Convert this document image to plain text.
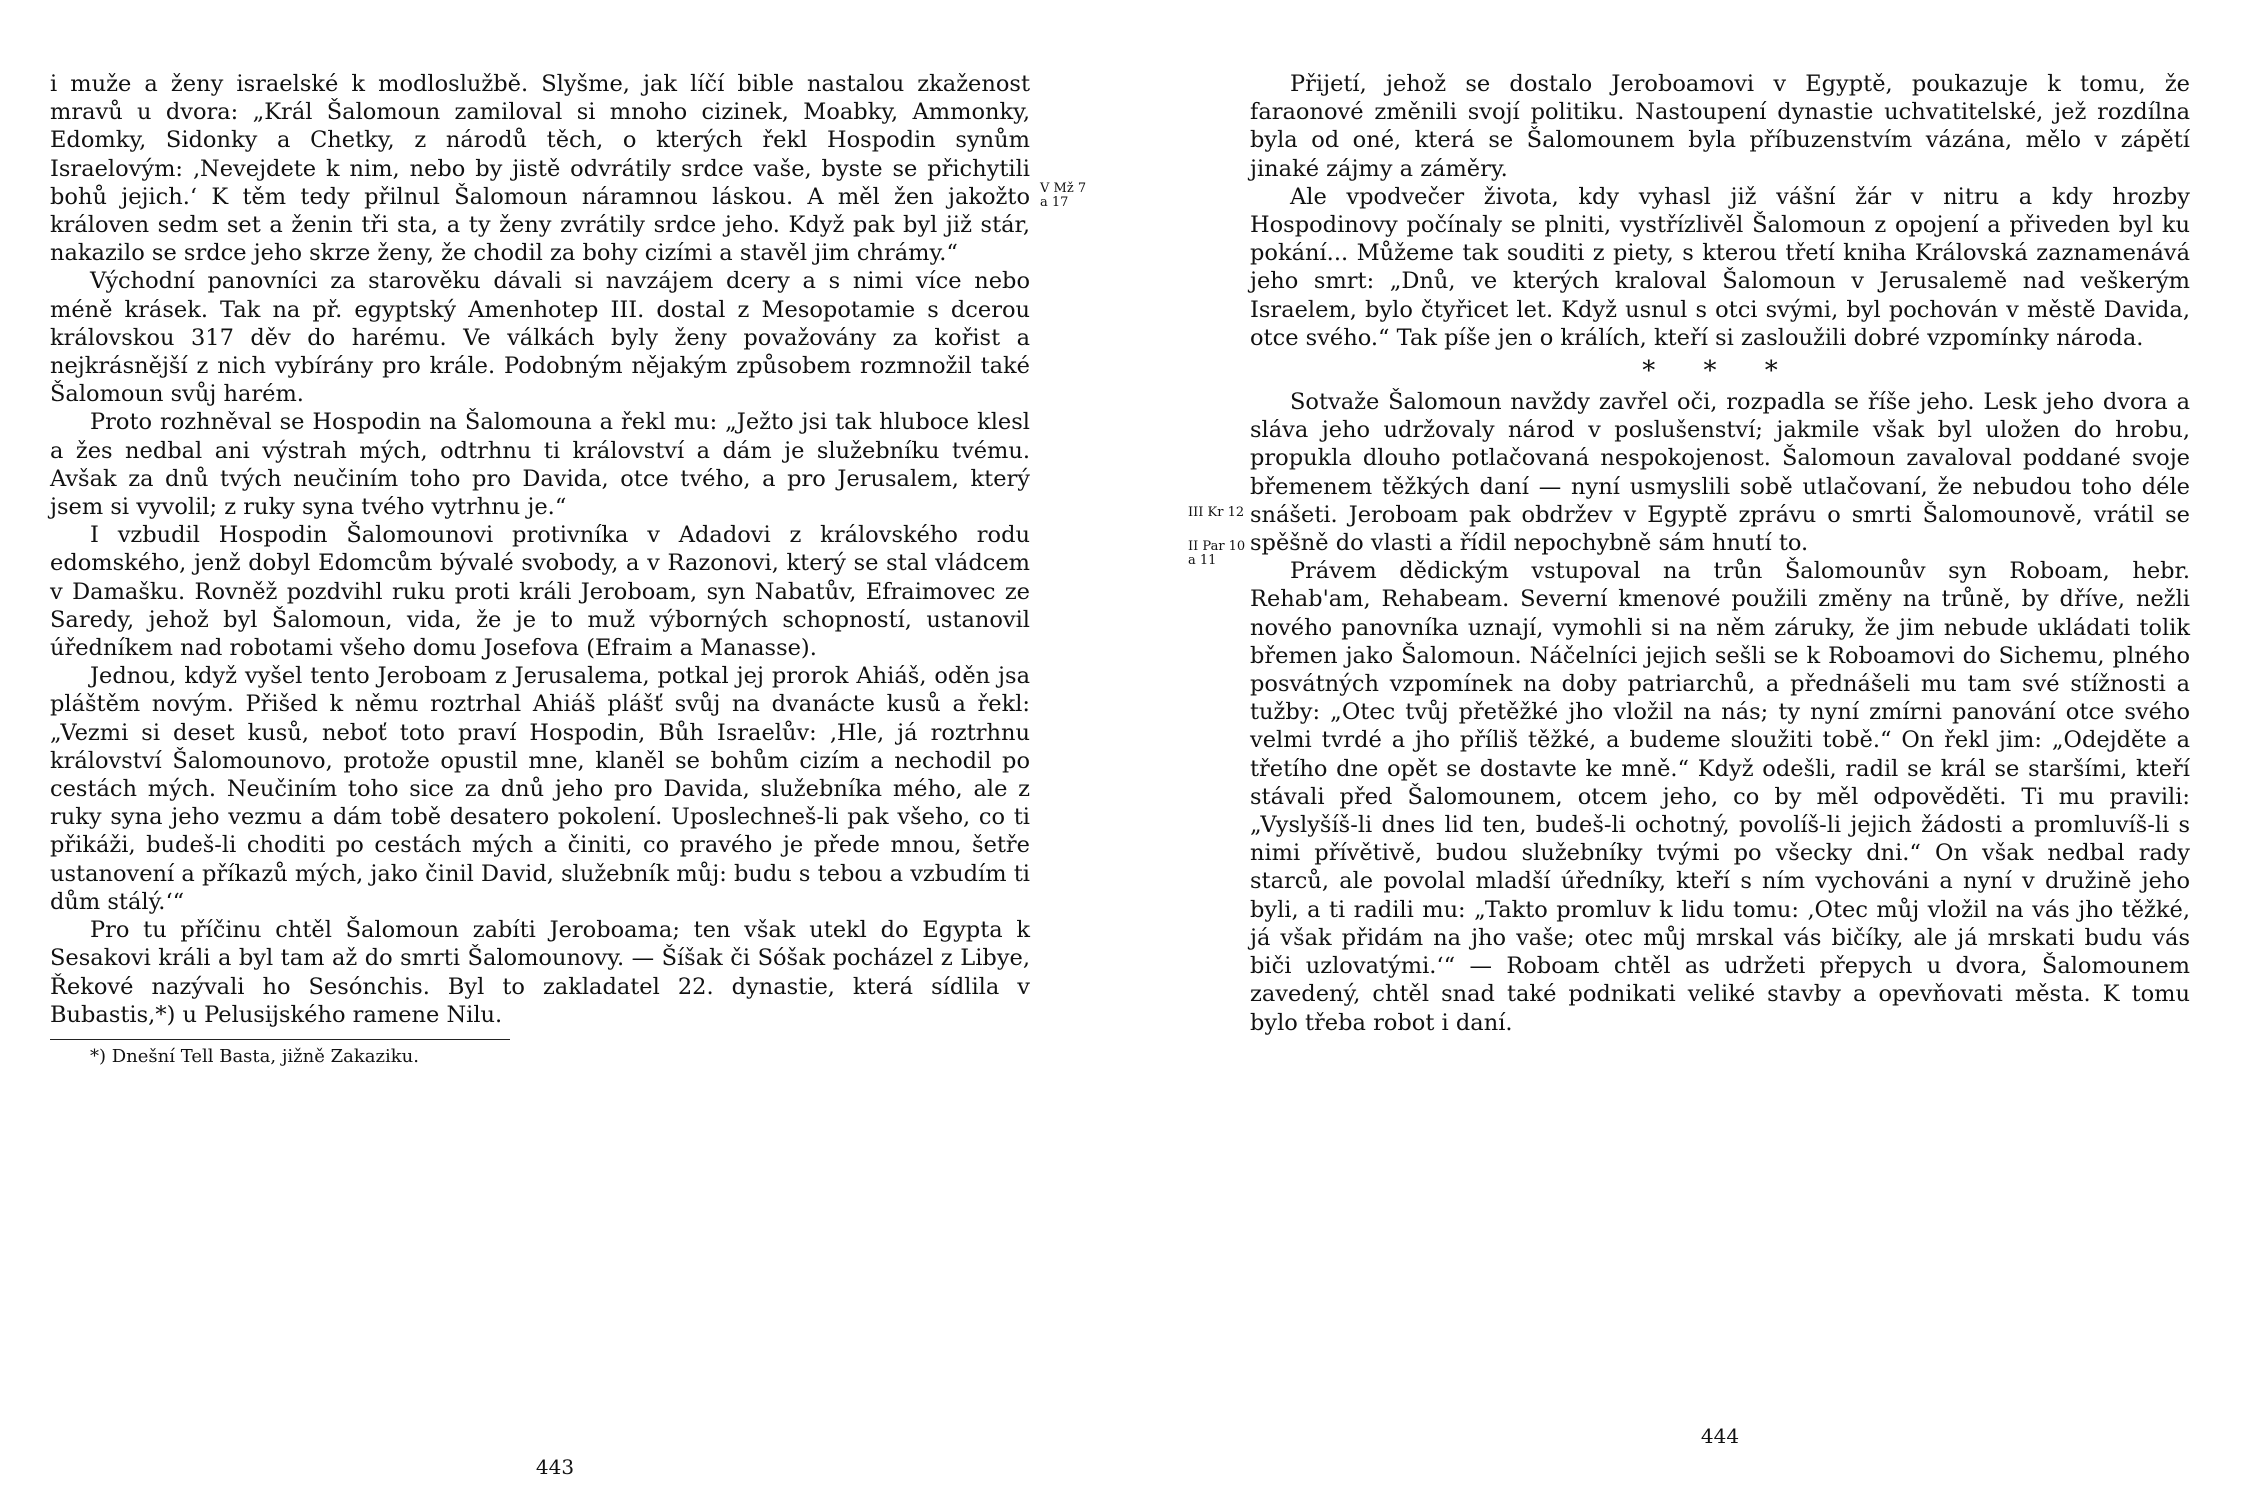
i muže a ženy israelské k modloslužbě. Slyšme, jak líčí bible nastalou zkaženost mravů u dvora: „Král Šalomoun zamiloval si mnoho cizinek, Moabky, Ammonky, Edomky, Sidonky a Chetky, z národů těch, o kterých řekl Hospodin synům Israelovým: ‚Nevejdete k nim, nebo by jistě odvrátily srdce vaše, byste se přichytili bohů jejich.‘ K těm tedy přilnul Šalomoun náramnou láskou. A měl žen jakožto královen sedm set a ženin tři sta, a ty ženy zvrátily srdce jeho. Když pak byl již stár, nakazilo se srdce jeho skrze ženy, že chodil za bohy cizími a stavěl jim chrámy.“

Východní panovníci za starověku dávali si navzájem dcery a s nimi více nebo méně krásek. Tak na př. egyptský Amenhotep III. dostal z Mesopotamie s dcerou královskou 317 děv do harému. Ve válkách byly ženy považovány za kořist a nejkrásnější z nich vybírány pro krále. Podobným nějakým způsobem rozmnožil také Šalomoun svůj harém.

Proto rozhněval se Hospodin na Šalomouna a řekl mu: „Ježto jsi tak hluboce klesl a žes nedbal ani výstrah mých, odtrhnu ti království a dám je služebníku tvému. Avšak za dnů tvých neučiním toho pro Davida, otce tvého, a pro Jerusalem, který jsem si vyvolil; z ruky syna tvého vytrhnu je.“

I vzbudil Hospodin Šalomounovi protivníka v Adadovi z královského rodu edomského, jenž dobyl Edomcům bývalé svobody, a v Razonovi, který se stal vládcem v Damašku. Rovněž pozdvihl ruku proti králi Jeroboam, syn Nabatův, Efraimovec ze Saredy, jehož byl Šalomoun, vida, že je to muž výborných schopností, ustanovil úředníkem nad robotami všeho domu Josefova (Efraim a Manasse).

Jednou, když vyšel tento Jeroboam z Jerusalema, potkal jej prorok Ahiáš, oděn jsa pláštěm novým. Přišed k němu roztrhal Ahiáš plášť svůj na dvanácte kusů a řekl: „Vezmi si deset kusů, neboť toto praví Hospodin, Bůh Israelův: ‚Hle, já roztrhnu království Šalomounovo, protože opustil mne, klaněl se bohům cizím a nechodil po cestách mých. Neučiním toho sice za dnů jeho pro Davida, služebníka mého, ale z ruky syna jeho vezmu a dám tobě desatero pokolení. Uposlechneš-li pak všeho, co ti přikáži, budeš-li choditi po cestách mých a činiti, co pravého je přede mnou, šetře ustanovení a příkazů mých, jako činil David, služebník můj: budu s tebou a vzbudím ti dům stálý.‘“

Pro tu příčinu chtěl Šalomoun zabíti Jeroboama; ten však utekl do Egypta k Sesakovi králi a byl tam až do smrti Šalomounovy. — Šíšak či Sóšak pocházel z Libye, Řekové nazývali ho Sesónchis. Byl to zakladatel 22. dynastie, která sídlila v Bubastis,*) u Pelusijského ramene Nilu.

*) Dnešní Tell Basta, jižně Zakaziku.
V Mž 7 a 17
443

Přijetí, jehož se dostalo Jeroboamovi v Egyptě, poukazuje k tomu, že faraonové změnili svojí politiku. Nastoupení dynastie uchvatitelské, jež rozdílna byla od oné, která se Šalomounem byla příbuzenstvím vázána, mělo v zápětí jinaké zájmy a záměry.

Ale vpodvečer života, kdy vyhasl již vášní žár v nitru a kdy hrozby Hospodinovy počínaly se plniti, vystřízlivěl Šalomoun z opojení a přiveden byl ku pokání... Můžeme tak souditi z piety, s kterou třetí kniha Královská zaznamenává jeho smrt: „Dnů, ve kterých kraloval Šalomoun v Jerusalemě nad veškerým Israelem, bylo čtyřicet let. Když usnul s otci svými, byl pochován v městě Davida, otce svého.“ Tak píše jen o králích, kteří si zasloužili dobré vzpomínky národa.

* * *

Sotvaže Šalomoun navždy zavřel oči, rozpadla se říše jeho. Lesk jeho dvora a sláva jeho udržovaly národ v poslušenství; jakmile však byl uložen do hrobu, propukla dlouho potlačovaná nespokojenost. Šalomoun zavaloval poddané svoje břemenem těžkých daní — nyní usmyslili sobě utlačovaní, že nebudou toho déle snášeti. Jeroboam pak obdržev v Egyptě zprávu o smrti Šalomounově, vrátil se spěšně do vlasti a řídil nepochybně sám hnutí to.

Právem dědickým vstupoval na trůn Šalomounův syn Roboam, hebr. Rehab'am, Rehabeam. Severní kmenové použili změny na trůně, by dříve, nežli nového panovníka uznají, vymohli si na něm záruky, že jim nebude ukládati tolik břemen jako Šalomoun. Náčelníci jejich sešli se k Roboamovi do Sichemu, plného posvátných vzpomínek na doby patriarchů, a přednášeli mu tam své stížnosti a tužby: „Otec tvůj přetěžké jho vložil na nás; ty nyní zmírni panování otce svého velmi tvrdé a jho příliš těžké, a budeme sloužiti tobě.“ On řekl jim: „Odejděte a třetího dne opět se dostavte ke mně.“ Když odešli, radil se král se staršími, kteří stávali před Šalomounem, otcem jeho, co by měl odpověděti. Ti mu pravili: „Vyslyšíš-li dnes lid ten, budeš-li ochotný, povolíš-li jejich žádosti a promluvíš-li s nimi přívětivě, budou služebníky tvými po všecky dni.“ On však nedbal rady starců, ale povolal mladší úředníky, kteří s ním vychováni a nyní v družině jeho byli, a ti radili mu: „Takto promluv k lidu tomu: ‚Otec můj vložil na vás jho těžké, já však přidám na jho vaše; otec můj mrskal vás bičíky, ale já mrskati budu vás biči uzlovatými.‘“ — Roboam chtěl as udržeti přepych u dvora, Šalomounem zavedený, chtěl snad také podnikati veliké stavby a opevňovati města. K tomu bylo třeba robot i daní.

III Kr 12
II Par 10 a 11
444
